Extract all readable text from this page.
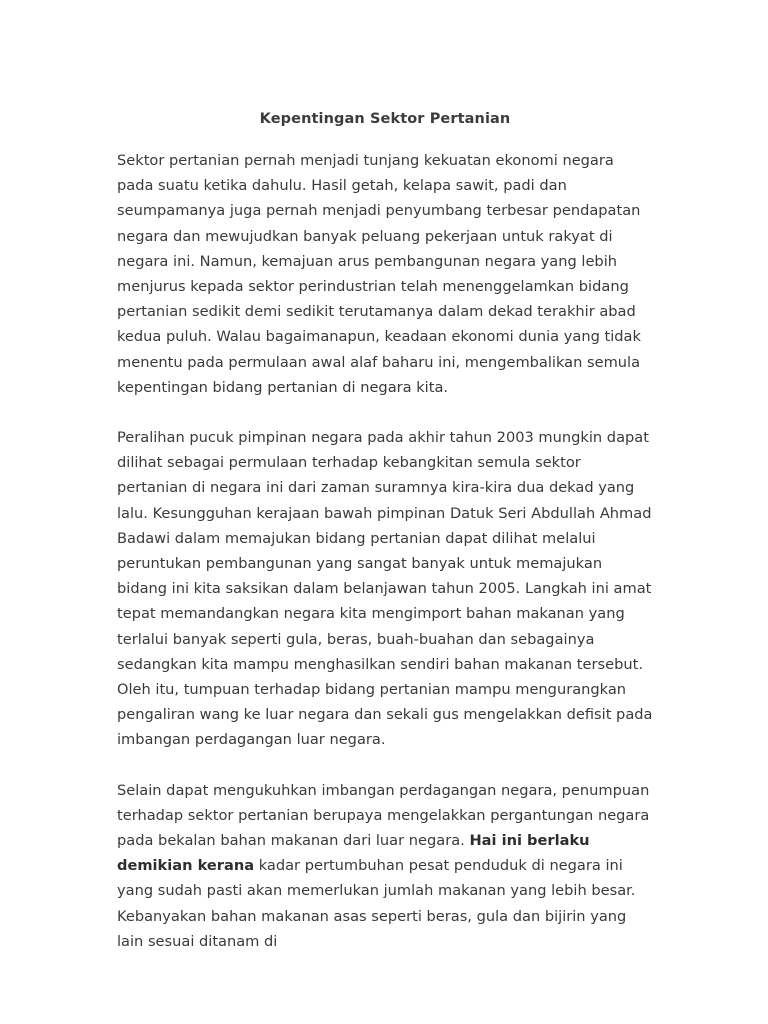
Kepentingan Sektor Pertanian

Sektor pertanian pernah menjadi tunjang kekuatan ekonomi negara pada suatu ketika dahulu. Hasil getah, kelapa sawit, padi dan seumpamanya juga pernah menjadi penyumbang terbesar pendapatan negara dan mewujudkan banyak peluang pekerjaan untuk rakyat di negara ini. Namun, kemajuan arus pembangunan negara yang lebih menjurus kepada sektor perindustrian telah menenggelamkan bidang pertanian sedikit demi sedikit terutamanya dalam dekad terakhir abad kedua puluh. Walau bagaimanapun, keadaan ekonomi dunia yang tidak menentu pada permulaan awal alaf baharu ini, mengembalikan semula kepentingan bidang pertanian di negara kita.

Peralihan pucuk pimpinan negara pada akhir tahun 2003 mungkin dapat dilihat sebagai permulaan terhadap kebangkitan semula sektor pertanian di negara ini dari zaman suramnya kira-kira dua dekad yang lalu. Kesungguhan kerajaan bawah pimpinan Datuk Seri Abdullah Ahmad Badawi dalam memajukan bidang pertanian dapat dilihat melalui peruntukan pembangunan yang sangat banyak untuk memajukan bidang ini kita saksikan dalam belanjawan tahun 2005. Langkah ini amat tepat memandangkan negara kita mengimport bahan makanan yang terlalui banyak seperti gula, beras, buah-buahan dan sebagainya sedangkan kita mampu menghasilkan sendiri bahan makanan tersebut. Oleh itu, tumpuan terhadap bidang pertanian mampu mengurangkan pengaliran wang ke luar negara dan sekali gus mengelakkan defisit pada imbangan perdagangan luar negara.

Selain dapat mengukuhkan imbangan perdagangan negara, penumpuan terhadap sektor pertanian berupaya mengelakkan pergantungan negara pada bekalan bahan makanan dari luar negara. Hai ini berlaku demikian kerana kadar pertumbuhan pesat penduduk di negara ini yang sudah pasti akan memerlukan jumlah makanan yang lebih besar. Kebanyakan bahan makanan asas seperti beras, gula dan bijirin yang lain sesuai ditanam di
